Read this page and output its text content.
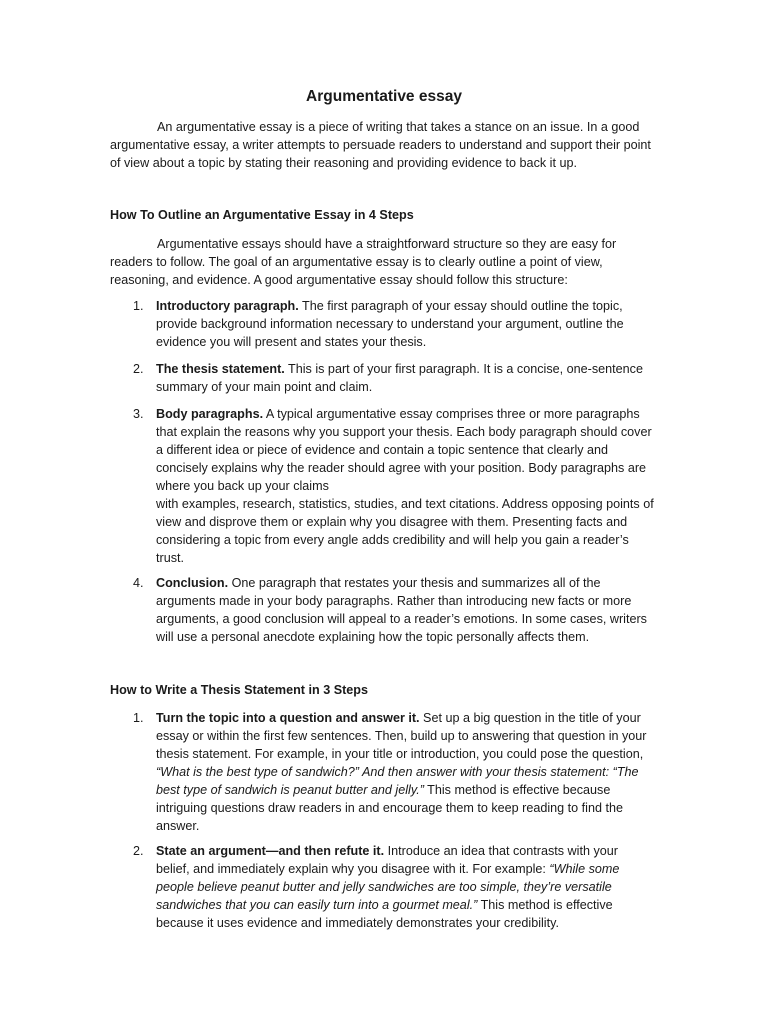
Argumentative essay

An argumentative essay is a piece of writing that takes a stance on an issue. In a good argumentative essay, a writer attempts to persuade readers to understand and support their point of view about a topic by stating their reasoning and providing evidence to back it up.

How To Outline an Argumentative Essay in 4 Steps

Argumentative essays should have a straightforward structure so they are easy for readers to follow. The goal of an argumentative essay is to clearly outline a point of view, reasoning, and evidence. A good argumentative essay should follow this structure:

1. Introductory paragraph. The first paragraph of your essay should outline the topic, provide background information necessary to understand your argument, outline the evidence you will present and states your thesis.
2. The thesis statement. This is part of your first paragraph. It is a concise, one-sentence summary of your main point and claim.
3. Body paragraphs. A typical argumentative essay comprises three or more paragraphs that explain the reasons why you support your thesis. Each body paragraph should cover a different idea or piece of evidence and contain a topic sentence that clearly and concisely explains why the reader should agree with your position. Body paragraphs are where you back up your claims
with examples, research, statistics, studies, and text citations. Address opposing points of view and disprove them or explain why you disagree with them. Presenting facts and considering a topic from every angle adds credibility and will help you gain a reader’s trust.
4. Conclusion. One paragraph that restates your thesis and summarizes all of the arguments made in your body paragraphs. Rather than introducing new facts or more arguments, a good conclusion will appeal to a reader’s emotions. In some cases, writers will use a personal anecdote explaining how the topic personally affects them.
How to Write a Thesis Statement in 3 Steps
1. Turn the topic into a question and answer it. Set up a big question in the title of your essay or within the first few sentences. Then, build up to answering that question in your thesis statement. For example, in your title or introduction, you could pose the question, “What is the best type of sandwich?” And then answer with your thesis statement: “The best type of sandwich is peanut butter and jelly.” This method is effective because intriguing questions draw readers in and encourage them to keep reading to find the answer.
2. State an argument—and then refute it. Introduce an idea that contrasts with your belief, and immediately explain why you disagree with it. For example: “While some people believe peanut butter and jelly sandwiches are too simple, they’re versatile sandwiches that you can easily turn into a gourmet meal.” This method is effective because it uses evidence and immediately demonstrates your credibility.
